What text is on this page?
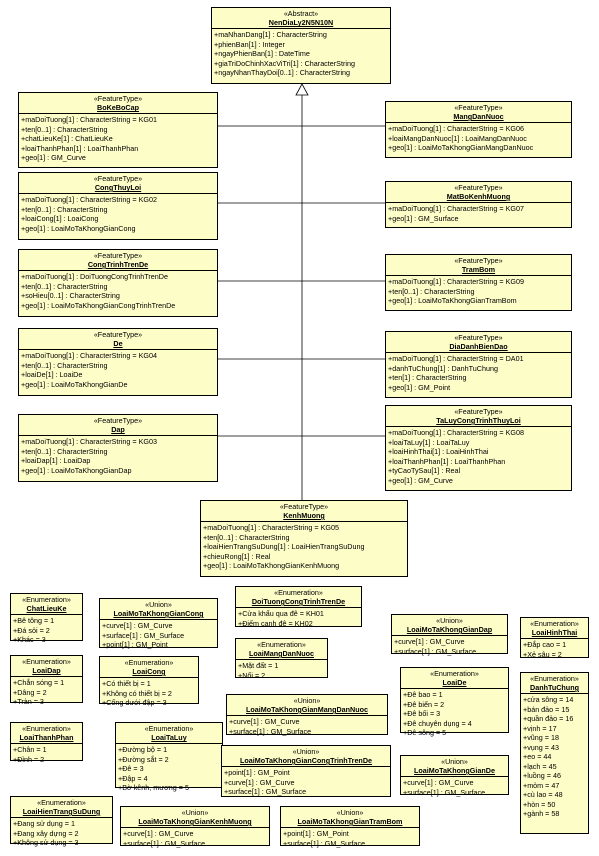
«Abstract»
NenDiaLy2N5N10N
+maNhanDang[1] : CharacterString
+phienBan[1] : Integer
+ngayPhienBan[1] : DateTime
+giaTriDoChinhXacViTri[1] : CharacterString
+ngayNhanThayDoi[0..1] : CharacterString
«FeatureType»
BoKeBoCap
+maDoiTuong[1] : CharacterString = KG01
+ten[0..1] : CharacterString
+chatLieuKe[1] : ChatLieuKe
+loaiThanhPhan[1] : LoaiThanhPhan
+geo[1] : GM_Curve
«FeatureType»
CongThuyLoi
+maDoiTuong[1] : CharacterString = KG02
+ten[0..1] : CharacterString
+loaiCong[1] : LoaiCong
+geo[1] : LoaiMoTaKhongGianCong
«FeatureType»
CongTrinhTrenDe
+maDoiTuong[1] : DoiTuongCongTrinhTrenDe
+ten[0..1] : CharacterString
+soHieu[0..1] : CharacterString
+geo[1] : LoaiMoTaKhongGianCongTrinhTrenDe
«FeatureType»
De
+maDoiTuong[1] : CharacterString = KG04
+ten[0..1] : CharacterString
+loaiDe[1] : LoaiDe
+geo[1] : LoaiMoTaKhongGianDe
«FeatureType»
Dap
+maDoiTuong[1] : CharacterString = KG03
+ten[0..1] : CharacterString
+loaiDap[1] : LoaiDap
+geo[1] : LoaiMoTaKhongGianDap
«FeatureType»
MangDanNuoc
+maDoiTuong[1] : CharacterString = KG06
+loaiMangDanNuoc[1] : LoaiMangDanNuoc
+geo[1] : LoaiMoTaKhongGianMangDanNuoc
«FeatureType»
MatBoKenhMuong
+maDoiTuong[1] : CharacterString = KG07
+geo[1] : GM_Surface
«FeatureType»
TramBom
+maDoiTuong[1] : CharacterString = KG09
+ten[0..1] : CharacterString
+geo[1] : LoaiMoTaKhongGianTramBom
«FeatureType»
DiaDanhBienDao
+maDoiTuong[1] : CharacterString = DA01
+danhTuChung[1] : DanhTuChung
+ten[1] : CharacterString
+geo[1] : GM_Point
«FeatureType»
TaLuyCongTrinhThuyLoi
+maDoiTuong[1] : CharacterString = KG08
+loaiTaLuy[1] : LoaiTaLuy
+loaiHinhThai[1] : LoaiHinhThai
+loaiThanhPhan[1] : LoaiThanhPhan
+tyCaoTySau[1] : Real
+geo[1] : GM_Curve
«FeatureType»
KenhMuong
+maDoiTuong[1] : CharacterString = KG05
+ten[0..1] : CharacterString
+loaiHienTrangSuDung[1] : LoaiHienTrangSuDung
+chieuRong[1] : Real
+geo[1] : LoaiMoTaKhongGianKenhMuong
«Enumeration»
ChatLieuKe
+Bê tông = 1
+Đá sỏi = 2
+Khác = 3
«Enumeration»
LoaiDap
+Chắn sóng = 1
+Dâng = 2
+Tràn = 3
«Enumeration»
LoaiThanhPhan
+Chân = 1
+Đỉnh = 2
«Enumeration»
LoaiHienTrangSuDung
+Đang sử dụng = 1
+Đang xây dựng = 2
+Không sử dụng = 3
«Union»
LoaiMoTaKhongGianCong
+curve[1] : GM_Curve
+surface[1] : GM_Surface
+point[1] : GM_Point
«Enumeration»
LoaiCong
+Có thiết bị = 1
+Không có thiết bị = 2
+Cống dưới đập = 3
«Enumeration»
LoaiTaLuy
+Đường bộ = 1
+Đường sắt = 2
+Đê = 3
+Đập = 4
+Bờ kênh, mương = 5
«Union»
LoaiMoTaKhongGianKenhMuong
+curve[1] : GM_Curve
+surface[1] : GM_Surface
«Enumeration»
DoiTuongCongTrinhTrenDe
+Cửa khẩu qua đê = KH01
+Điếm canh đê = KH02
«Enumeration»
LoaiMangDanNuoc
+Mặt đất = 1
+Nổi = 2
«Union»
LoaiMoTaKhongGianMangDanNuoc
+curve[1] : GM_Curve
+surface[1] : GM_Surface
«Union»
LoaiMoTaKhongGianCongTrinhTrenDe
+point[1] : GM_Point
+curve[1] : GM_Curve
+surface[1] : GM_Surface
«Union»
LoaiMoTaKhongGianTramBom
+point[1] : GM_Point
+surface[1] : GM_Surface
«Union»
LoaiMoTaKhongGianDap
+curve[1] : GM_Curve
+surface[1] : GM_Surface
«Enumeration»
LoaiDe
+Đê bao = 1
+Đê biển = 2
+Đê bối = 3
+Đê chuyên dụng = 4
+Đê sông = 5
«Union»
LoaiMoTaKhongGianDe
+curve[1] : GM_Curve
+surface[1] : GM_Surface
«Enumeration»
LoaiHinhThai
+Đắp cao = 1
+Xẻ sâu = 2
«Enumeration»
DanhTuChung
+cửa sông = 14
+bán đảo = 15
+quần đảo = 16
+vịnh = 17
+vũng = 18
+vụng = 43
+eo = 44
+lạch = 45
+luồng = 46
+mỏm = 47
+cù lao = 48
+hòn = 50
+gành = 58
